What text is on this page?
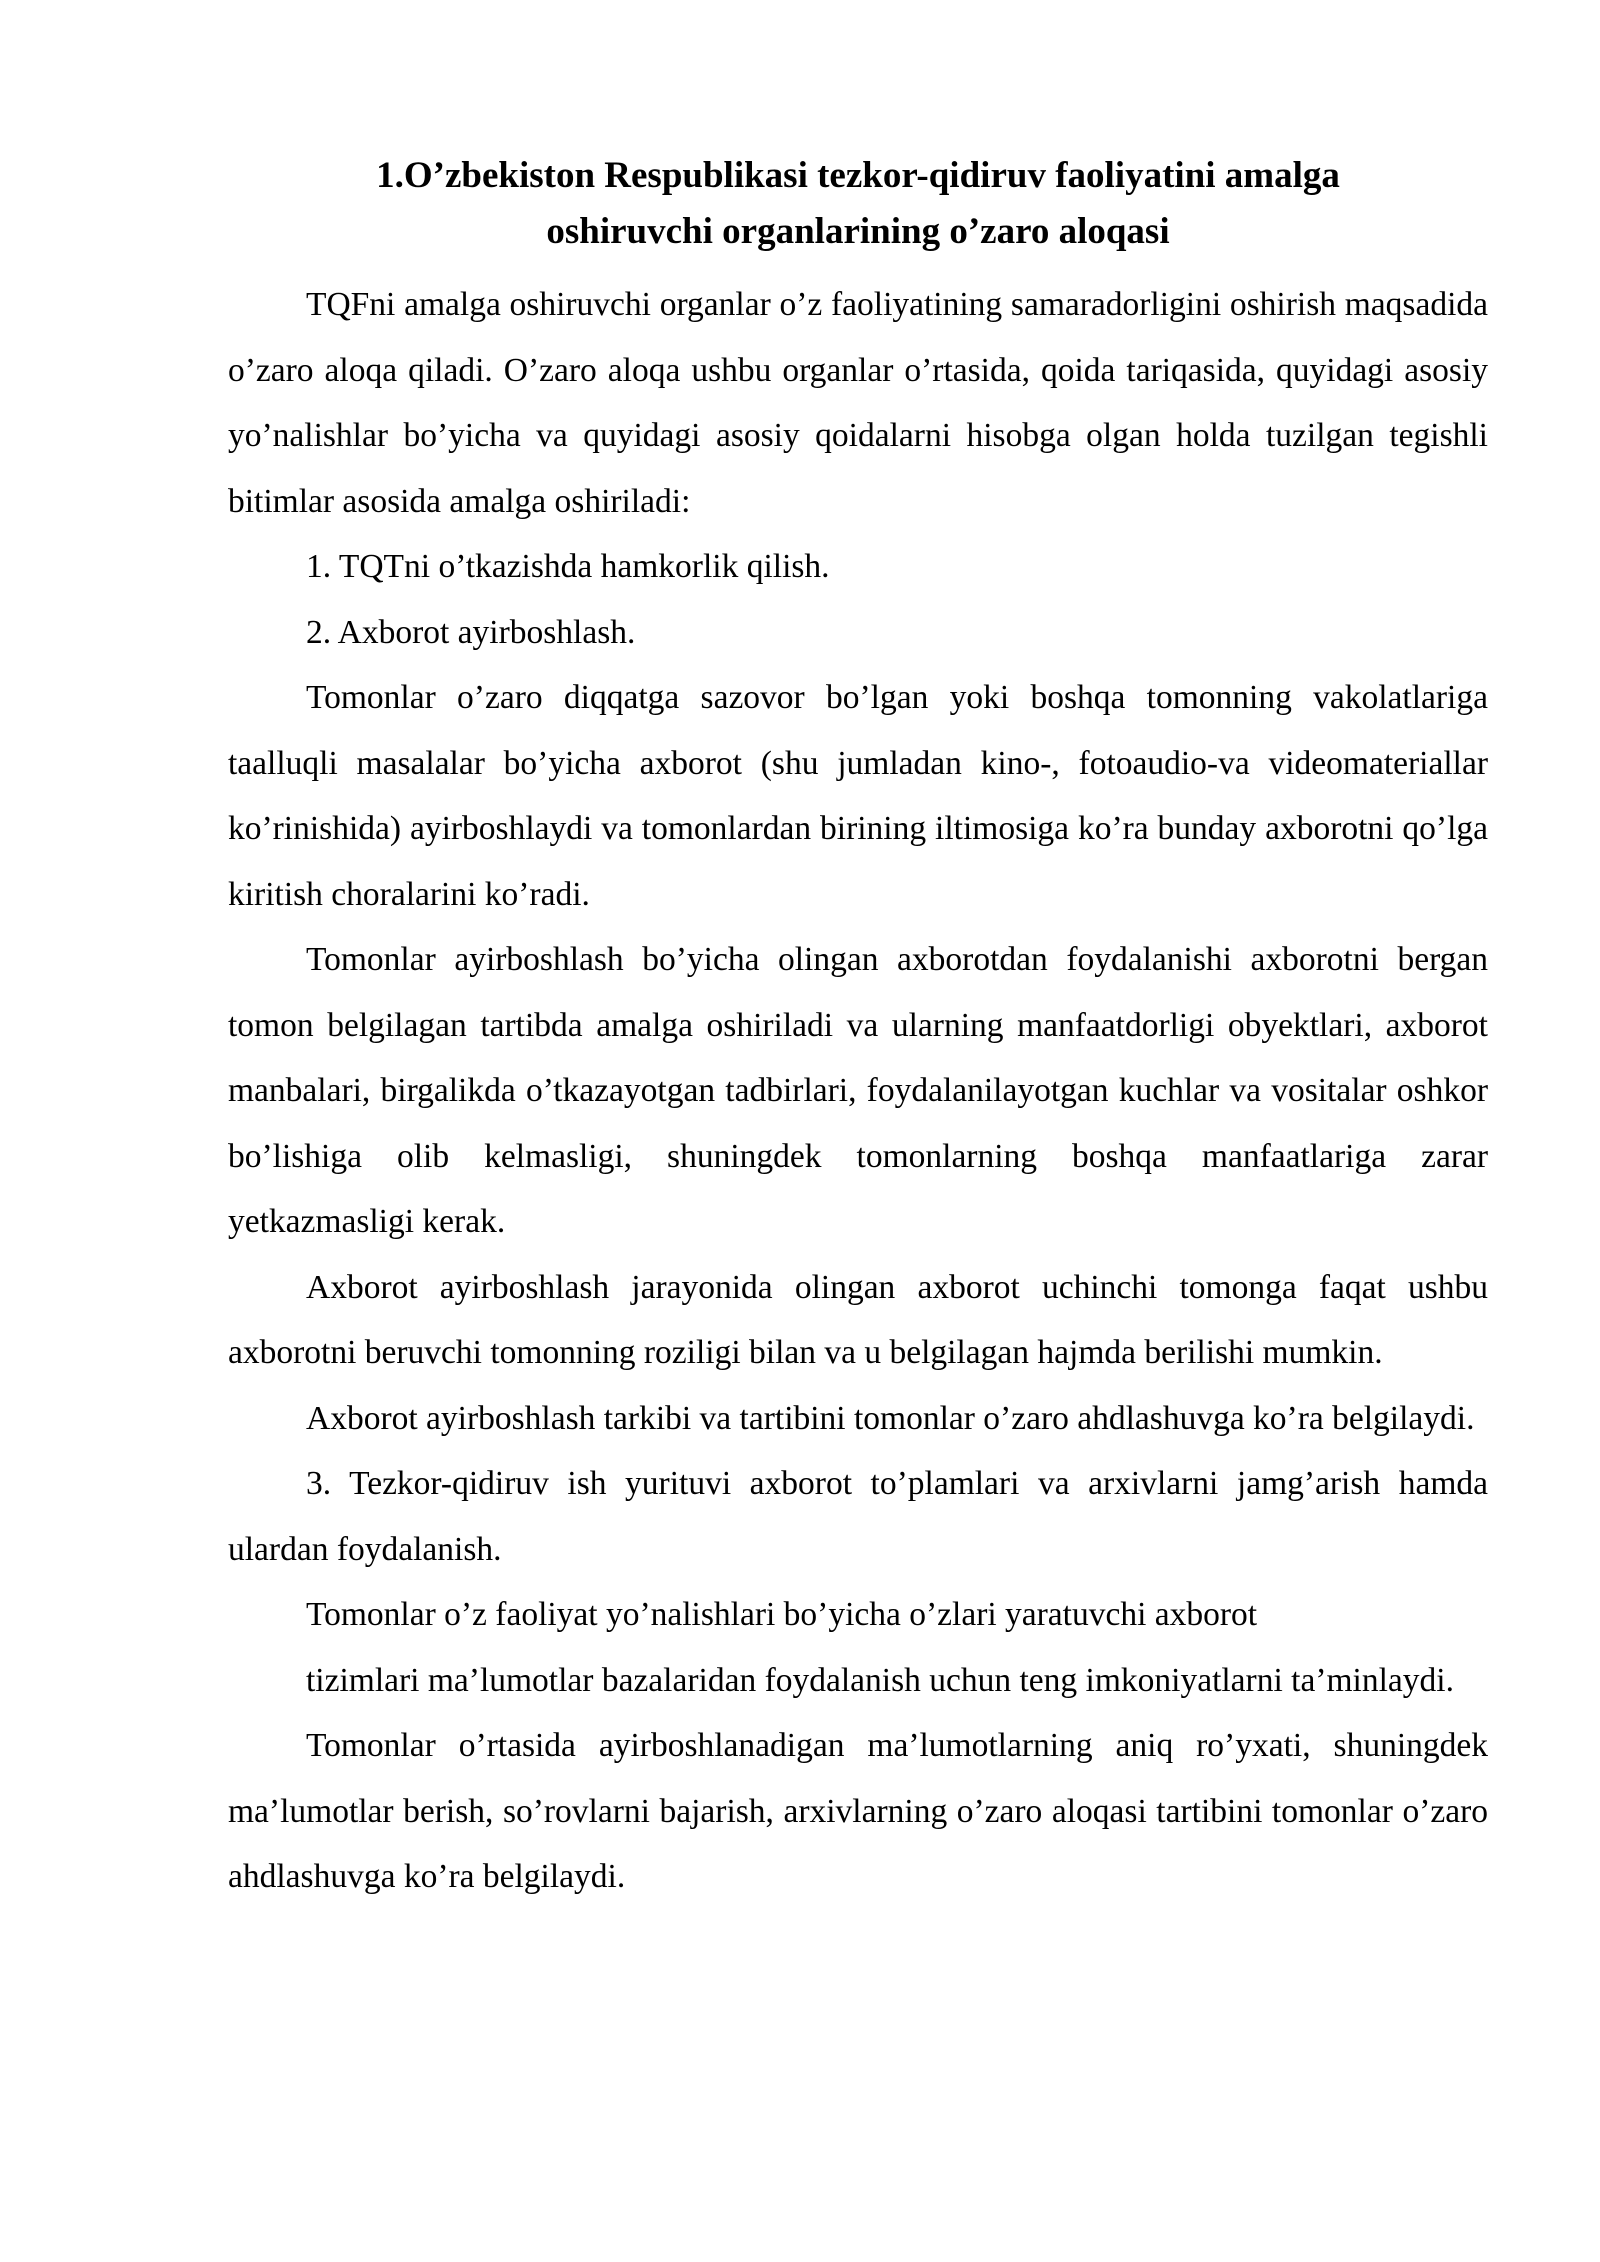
1.O’zbekiston Respublikasi tezkor-qidiruv faoliyatini amalga
oshiruvchi organlarining o’zaro aloqasi

TQFni amalga oshiruvchi organlar o’z faoliyatining samaradorligini oshirish maqsadida o’zaro aloqa qiladi. O’zaro aloqa ushbu organlar o’rtasida, qoida tariqasida, quyidagi asosiy yo’nalishlar bo’yicha va quyidagi asosiy qoidalarni hisobga olgan holda tuzilgan tegishli bitimlar asosida amalga oshiriladi:

1. TQTni o’tkazishda hamkorlik qilish.

2. Axborot ayirboshlash.

Tomonlar o’zaro diqqatga sazovor bo’lgan yoki boshqa tomonning vakolatlariga taalluqli masalalar bo’yicha axborot (shu jumladan kino-, fotoaudio-va videomateriallar ko’rinishida) ayirboshlaydi va tomonlardan birining iltimosiga ko’ra bunday axborotni qo’lga kiritish choralarini ko’radi.

Tomonlar ayirboshlash bo’yicha olingan axborotdan foydalanishi axborotni bergan tomon belgilagan tartibda amalga oshiriladi va ularning manfaatdorligi obyektlari, axborot manbalari, birgalikda o’tkazayotgan tadbirlari, foydalanilayotgan kuchlar va vositalar oshkor bo’lishiga olib kelmasligi, shuningdek tomonlarning boshqa manfaatlariga zarar yetkazmasligi kerak.

Axborot ayirboshlash jarayonida olingan axborot uchinchi tomonga faqat ushbu axborotni beruvchi tomonning roziligi bilan va u belgilagan hajmda berilishi mumkin.

Axborot ayirboshlash tarkibi va tartibini tomonlar o’zaro ahdlashuvga ko’ra belgilaydi.

3. Tezkor-qidiruv ish yurituvi axborot to’plamlari va arxivlarni jamg’arish hamda ulardan foydalanish.

Tomonlar o’z faoliyat yo’nalishlari bo’yicha o’zlari yaratuvchi axborot

tizimlari ma’lumotlar bazalaridan foydalanish uchun teng imkoniyatlarni ta’minlaydi.

Tomonlar o’rtasida ayirboshlanadigan ma’lumotlarning aniq ro’yxati, shuningdek ma’lumotlar berish, so’rovlarni bajarish, arxivlarning o’zaro aloqasi tartibini tomonlar o’zaro ahdlashuvga ko’ra belgilaydi.
